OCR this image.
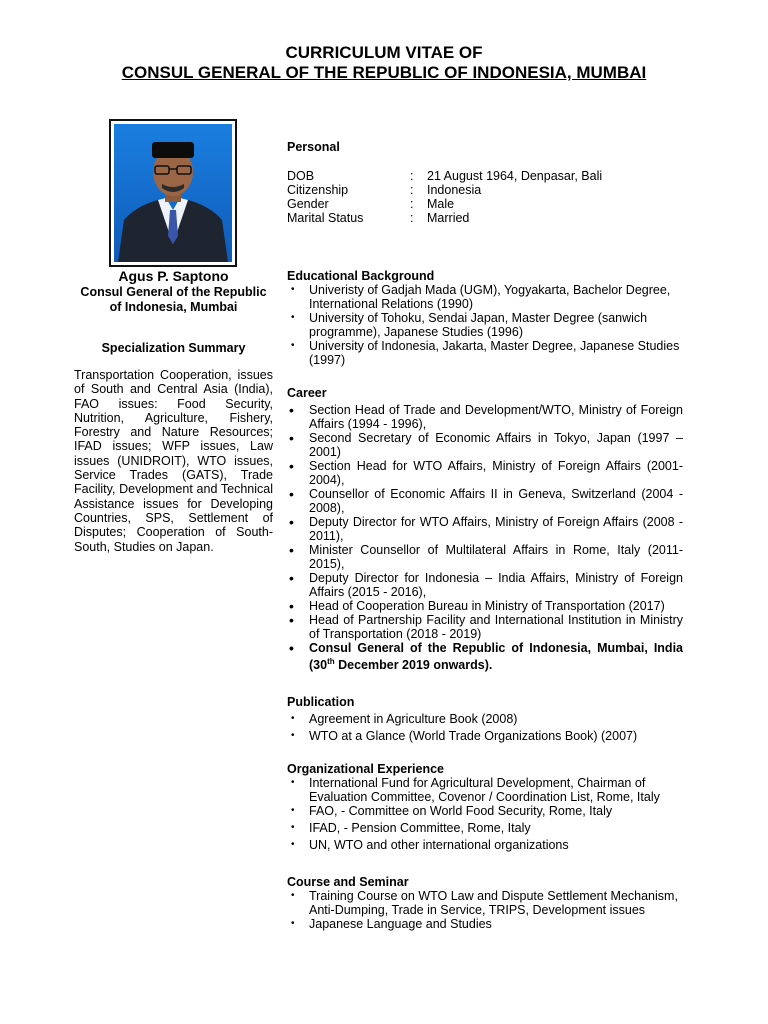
CURRICULUM VITAE OF
CONSUL GENERAL OF THE REPUBLIC OF INDONESIA, MUMBAI
Agus P. Saptono
Consul General of the Republic of Indonesia, Mumbai
Specialization Summary
Transportation Cooperation, issues of South and Central Asia (India), FAO issues: Food Security, Nutrition, Agriculture, Fishery, Forestry and Nature Resources; IFAD issues; WFP issues, Law issues (UNIDROIT), WTO issues, Service Trades (GATS), Trade Facility, Development and Technical Assistance issues for Developing Countries, SPS, Settlement of Disputes; Cooperation of South-South, Studies on Japan.
Personal
DOB	:	21 August 1964, Denpasar, Bali
Citizenship	:	Indonesia
Gender	:	Male
Marital Status	:	Married
Educational Background
• Univeristy of Gadjah Mada (UGM), Yogyakarta, Bachelor Degree, International Relations (1990)
• University of Tohoku, Sendai Japan, Master Degree (sanwich programme), Japanese Studies (1996)
• University of Indonesia, Jakarta, Master Degree, Japanese Studies (1997)
Career
• Section Head of Trade and Development/WTO, Ministry of Foreign Affairs (1994 - 1996),
• Second Secretary of Economic Affairs in Tokyo, Japan (1997 – 2001)
• Section Head for WTO Affairs, Ministry of Foreign Affairs (2001-2004),
• Counsellor of Economic Affairs II in Geneva, Switzerland (2004 - 2008),
• Deputy Director for WTO Affairs, Ministry of Foreign Affairs (2008 - 2011),
• Minister Counsellor of Multilateral Affairs in Rome, Italy (2011-2015),
• Deputy Director for Indonesia – India Affairs, Ministry of Foreign Affairs (2015 - 2016),
• Head of Cooperation Bureau in Ministry of Transportation (2017)
• Head of Partnership Facility and International Institution in Ministry of Transportation (2018 - 2019)
• Consul General of the Republic of Indonesia, Mumbai, India (30th December 2019 onwards).
Publication
• Agreement in Agriculture Book (2008)
• WTO at a Glance (World Trade Organizations Book) (2007)
Organizational Experience
• International Fund for Agricultural Development, Chairman of Evaluation Committee, Covenor / Coordination List, Rome, Italy
• FAO, - Committee on World Food Security, Rome, Italy
• IFAD, - Pension Committee, Rome, Italy
• UN, WTO and other international organizations
Course and Seminar
• Training Course on WTO Law and Dispute Settlement Mechanism, Anti-Dumping, Trade in Service, TRIPS, Development issues
• Japanese Language and Studies
